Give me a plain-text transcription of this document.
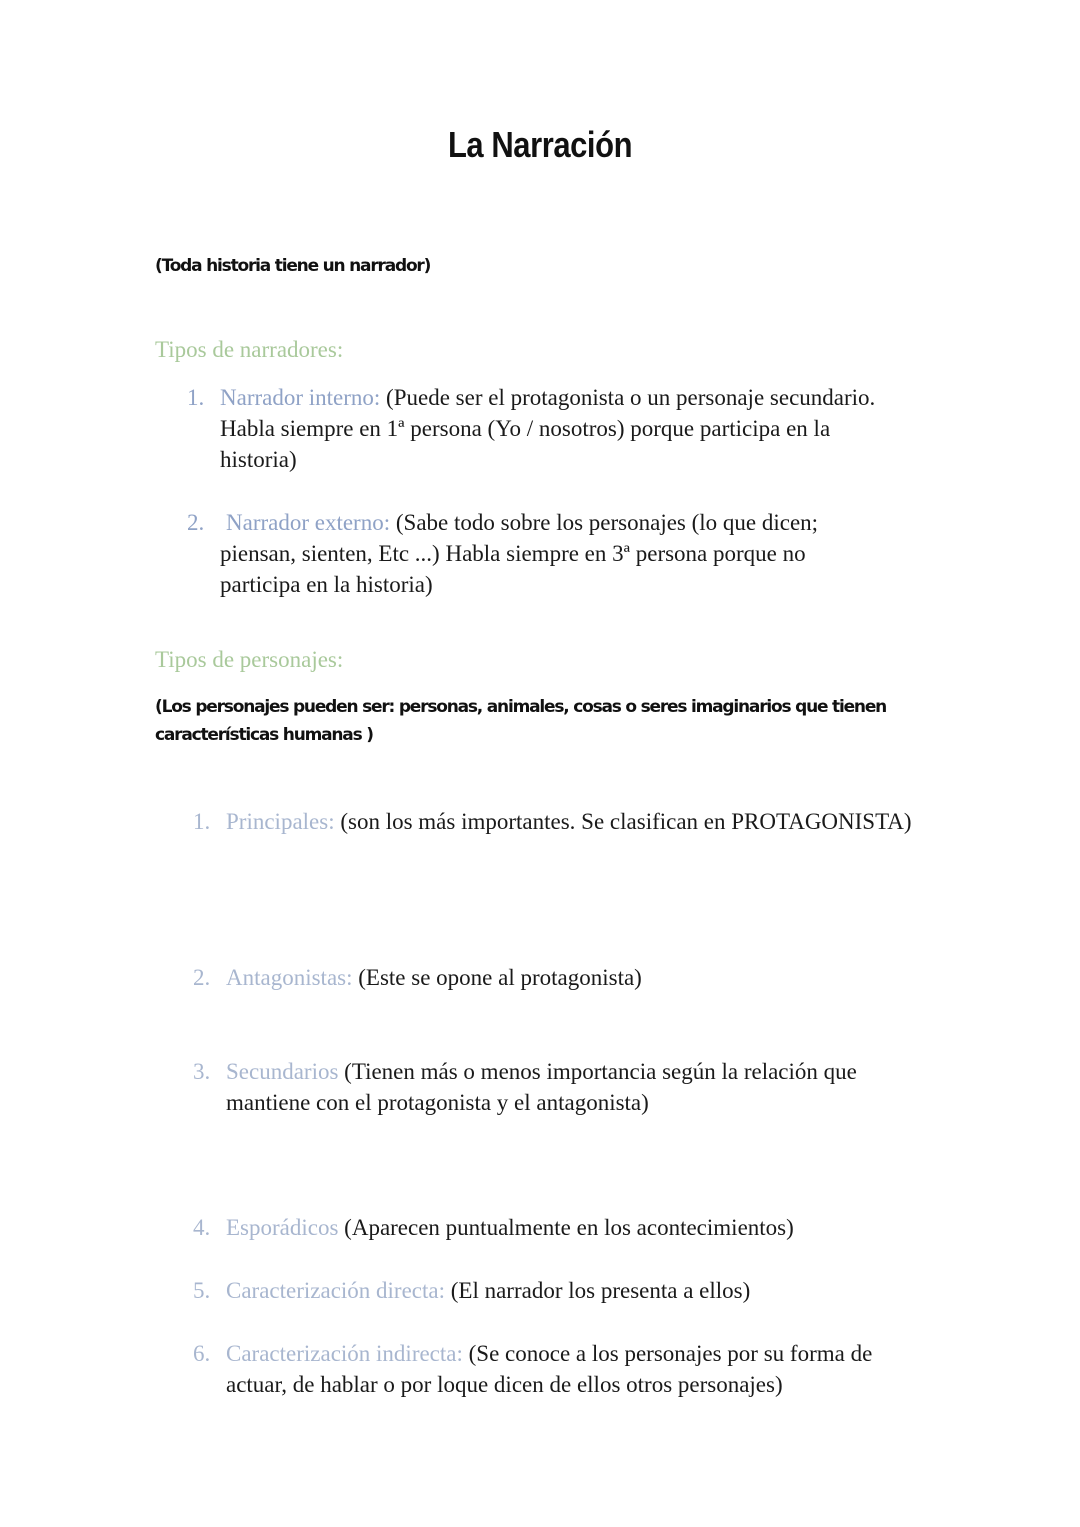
La Narración
(Toda historia tiene un narrador)
Tipos de narradores:
1. Narrador interno: (Puede ser el protagonista o un personaje secundario. Habla siempre en 1ª persona (Yo / nosotros) porque participa en la historia)
2. Narrador externo: (Sabe todo sobre los personajes (lo que dicen; piensan, sienten, Etc ...) Habla siempre en 3ª persona porque no participa en la historia)
Tipos de personajes:
(Los personajes pueden ser: personas, animales, cosas o seres imaginarios que tienen características humanas )
1. Principales: (son los más importantes. Se clasifican en PROTAGONISTA)
2. Antagonistas: (Este se opone al protagonista)
3. Secundarios (Tienen más o menos importancia según la relación que mantiene con el protagonista y el antagonista)
4. Esporádicos (Aparecen puntualmente en los acontecimientos)
5. Caracterización directa: (El narrador los presenta a ellos)
6. Caracterización indirecta: (Se conoce a los personajes por su forma de actuar, de hablar o por loque dicen de ellos otros personajes)
